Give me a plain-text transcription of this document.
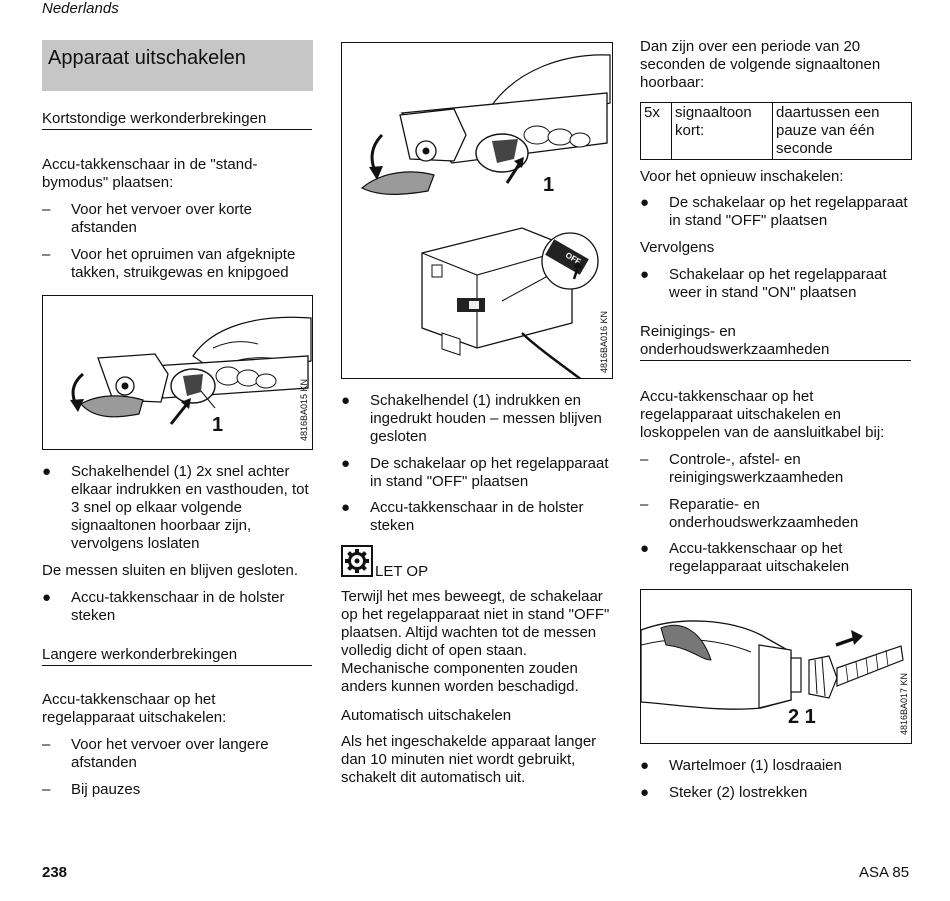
Nederlands
Apparaat uitschakelen
Kortstondige werkonderbrekingen
Accu-takkenschaar in de "stand-bymodus" plaatsen:
– Voor het vervoer over korte afstanden
– Voor het opruimen van afgeknipte takken, struikgewas en knipgoed
1	4816BA015 KN
● Schakelhendel (1) 2x snel achter elkaar indrukken en vasthouden, tot 3 snel op elkaar volgende signaaltonen hoorbaar zijn, vervolgens loslaten
De messen sluiten en blijven gesloten.
● Accu-takkenschaar in de holster steken
Langere werkonderbrekingen
Accu-takkenschaar op het regelapparaat uitschakelen:
– Voor het vervoer over langere afstanden
– Bij pauzes
1
OFF
4816BA016 KN
● Schakelhendel (1) indrukken en ingedrukt houden – messen blijven gesloten
● De schakelaar op het regelapparaat in stand "OFF" plaatsen
● Accu-takkenschaar in de holster steken
LET OP
Terwijl het mes beweegt, de schakelaar op het regelapparaat niet in stand "OFF" plaatsen. Altijd wachten tot de messen volledig dicht of open staan. Mechanische componenten zouden anders kunnen worden beschadigd.
Automatisch uitschakelen
Als het ingeschakelde apparaat langer dan 10 minuten niet wordt gebruikt, schakelt dit automatisch uit.
Dan zijn over een periode van 20 seconden de volgende signaaltonen hoorbaar:
5x	signaaltoon kort:	daartussen een pauze van één seconde
Voor het opnieuw inschakelen:
● De schakelaar op het regelapparaat in stand "OFF" plaatsen
Vervolgens
● Schakelaar op het regelapparaat weer in stand "ON" plaatsen
Reinigings- en onderhoudswerkzaamheden
Accu-takkenschaar op het regelapparaat uitschakelen en loskoppelen van de aansluitkabel bij:
– Controle-, afstel- en reinigingswerkzaamheden
– Reparatie- en onderhoudswerkzaamheden
● Accu-takkenschaar op het regelapparaat uitschakelen
2 1	4816BA017 KN
● Wartelmoer (1) losdraaien
● Steker (2) lostrekken
238	ASA 85
